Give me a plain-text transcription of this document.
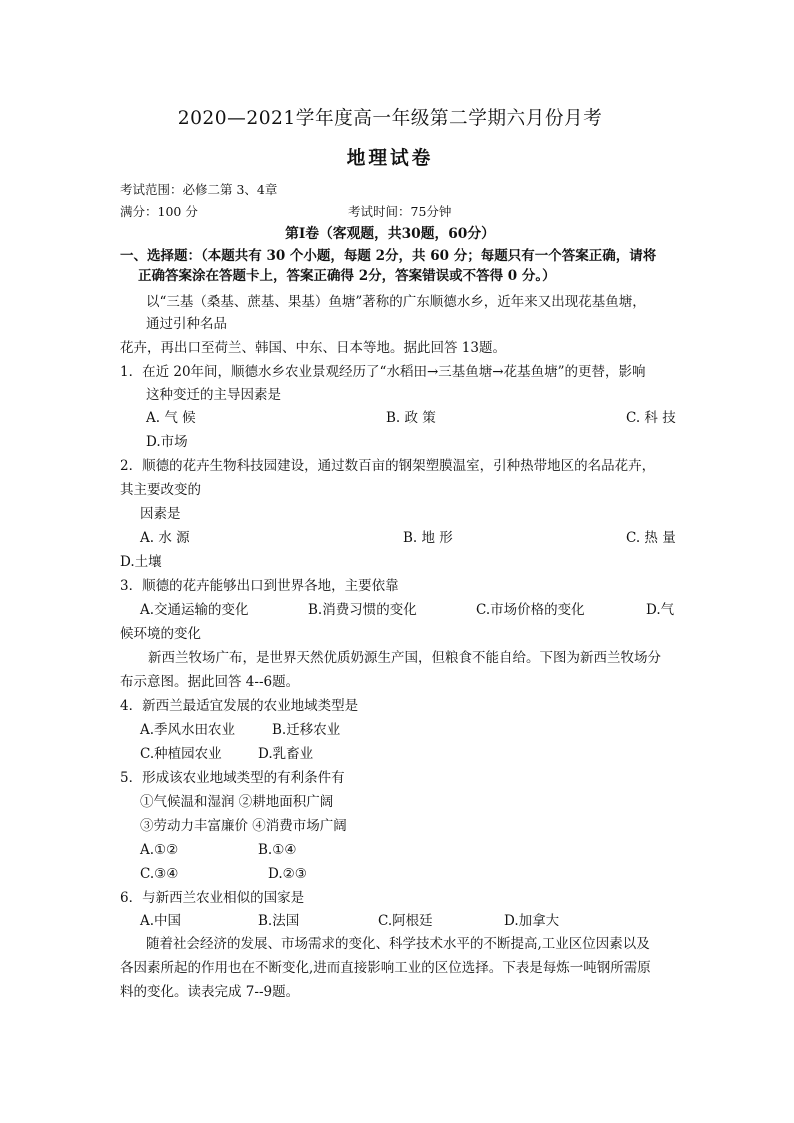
2020—2021学年度高一年级第二学期六月份月考
地理试卷
考试范围：必修二第 3、4章
满分：100 分	考试时间：75分钟
第Ⅰ卷（客观题，共30题，60分）
一、选择题：（本题共有 30 个小题，每题 2分，共 60 分；每题只有一个答案正确，请将
正确答案涂在答题卡上，答案正确得 2分，答案错误或不答得 0 分。）
以“三基（桑基、蔗基、果基）鱼塘”著称的广东顺德水乡，近年来又出现花基鱼塘，
通过引种名品
花卉，再出口至荷兰、韩国、中东、日本等地。据此回答 13题。
1．在近 20年间，顺德水乡农业景观经历了“水稻田→三基鱼塘→花基鱼塘”的更替，影响
这种变迁的主导因素是
A. 气 候	B. 政 策	C. 科 技
D.市场
2．顺德的花卉生物科技园建设，通过数百亩的钢架塑膜温室，引种热带地区的名品花卉，
其主要改变的
因素是
A. 水 源	B. 地 形	C. 热 量
D.土壤
3．顺德的花卉能够出口到世界各地，主要依靠
A.交通运输的变化	B.消费习惯的变化	C.市场价格的变化	D.气
候环境的变化
新西兰牧场广布，是世界天然优质奶源生产国，但粮食不能自给。下图为新西兰牧场分
布示意图。据此回答 4--6题。
4．新西兰最适宜发展的农业地域类型是
A.季风水田农业	B.迁移农业
C.种植园农业	D.乳畜业
5．形成该农业地域类型的有利条件有
①气候温和湿润 ②耕地面积广阔
③劳动力丰富廉价 ④消费市场广阔
A.①②	B.①④
C.③④	D.②③
6．与新西兰农业相似的国家是
A.中国	B.法国	C.阿根廷	D.加拿大
随着社会经济的发展、市场需求的变化、科学技术水平的不断提高,工业区位因素以及
各因素所起的作用也在不断变化,进而直接影响工业的区位选择。下表是每炼一吨钢所需原
料的变化。读表完成 7--9题。
